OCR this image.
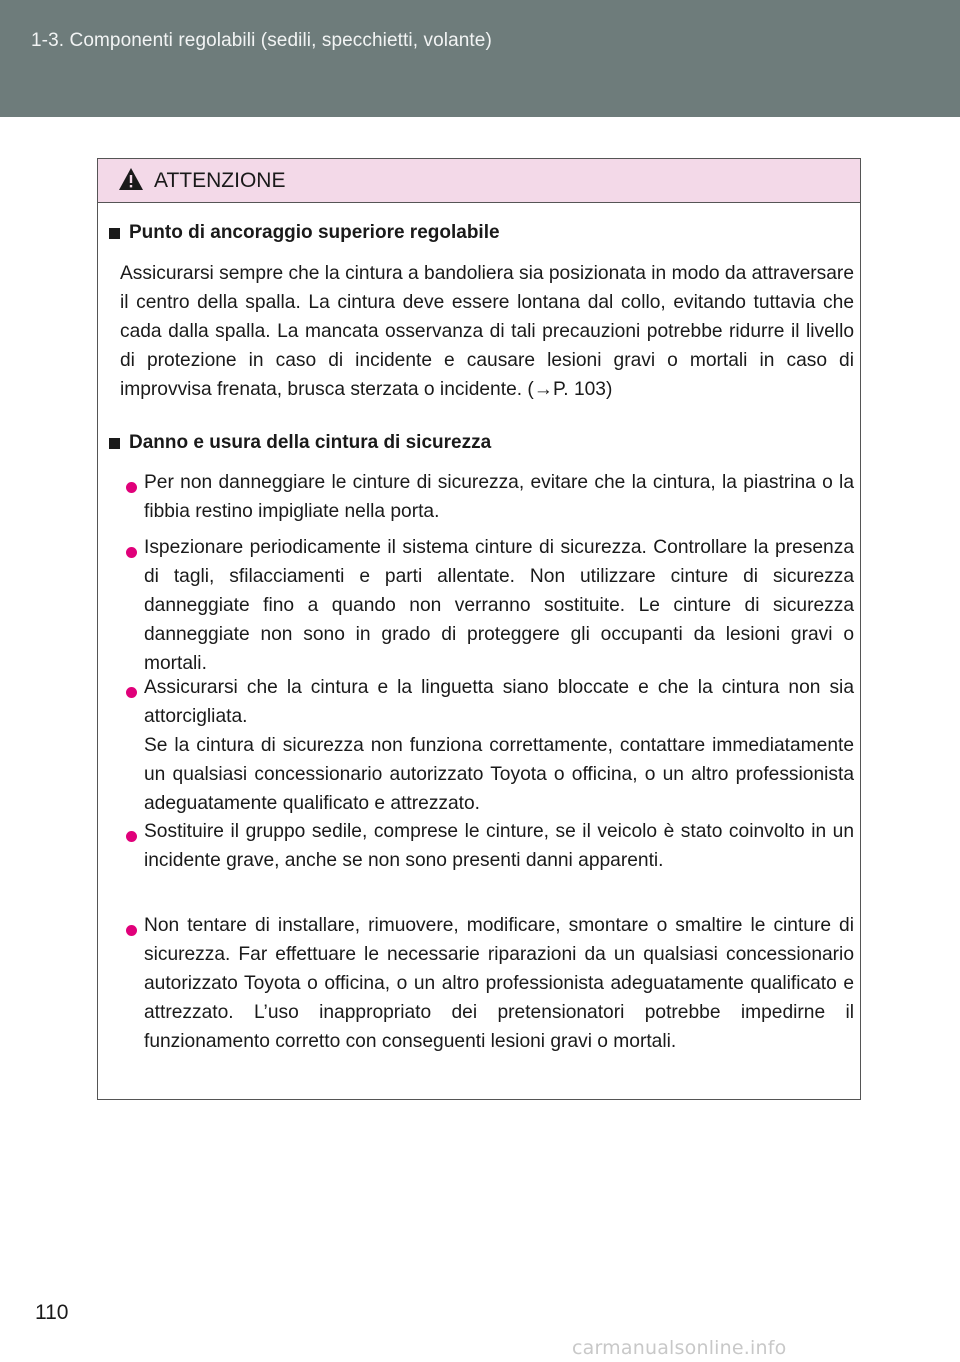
1-3. Componenti regolabili (sedili, specchietti, volante)
ATTENZIONE
Punto di ancoraggio superiore regolabile
Assicurarsi sempre che la cintura a bandoliera sia posizionata in modo da attraversare il centro della spalla. La cintura deve essere lontana dal collo, evitando tuttavia che cada dalla spalla. La mancata osservanza di tali precauzioni potrebbe ridurre il livello di protezione in caso di incidente e causare lesioni gravi o mortali in caso di improvvisa frenata, brusca sterzata o incidente. (→P. 103)
Danno e usura della cintura di sicurezza
Per non danneggiare le cinture di sicurezza, evitare che la cintura, la piastrina o la fibbia restino impigliate nella porta.
Ispezionare periodicamente il sistema cinture di sicurezza. Controllare la presenza di tagli, sfilacciamenti e parti allentate. Non utilizzare cinture di sicurezza danneggiate fino a quando non verranno sostituite. Le cinture di sicurezza danneggiate non sono in grado di proteggere gli occupanti da lesioni gravi o mortali.
Assicurarsi che la cintura e la linguetta siano bloccate e che la cintura non sia attorcigliata.
Se la cintura di sicurezza non funziona correttamente, contattare immediatamente un qualsiasi concessionario autorizzato Toyota o officina, o un altro professionista adeguatamente qualificato e attrezzato.
Sostituire il gruppo sedile, comprese le cinture, se il veicolo è stato coinvolto in un incidente grave, anche se non sono presenti danni apparenti.
Non tentare di installare, rimuovere, modificare, smontare o smaltire le cinture di sicurezza. Far effettuare le necessarie riparazioni da un qualsiasi concessionario autorizzato Toyota o officina, o un altro professionista adeguatamente qualificato e attrezzato. L’uso inappropriato dei pretensionatori potrebbe impedirne il funzionamento corretto con conseguenti lesioni gravi o mortali.
110
carmanualsonline.info
